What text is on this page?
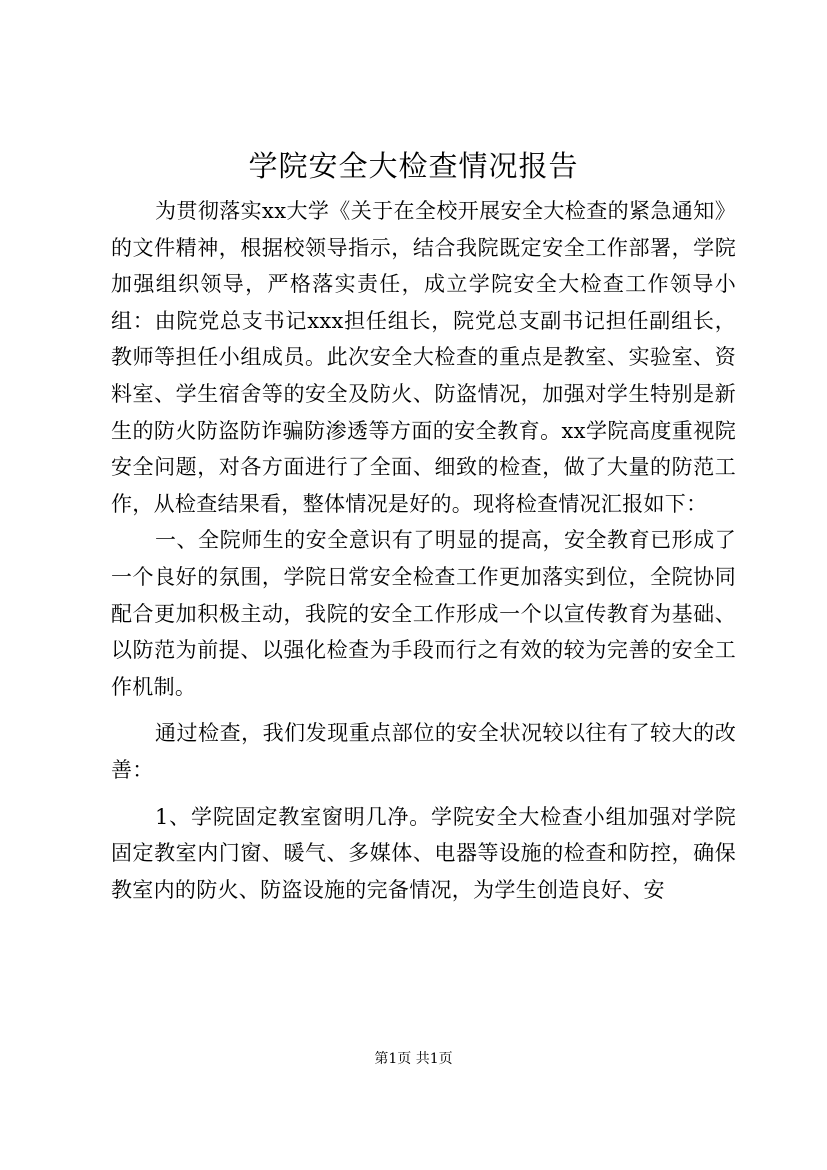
学院安全大检查情况报告

为贯彻落实xx大学《关于在全校开展安全大检查的紧急通知》的文件精神，根据校领导指示，结合我院既定安全工作部署，学院加强组织领导，严格落实责任，成立学院安全大检查工作领导小组：由院党总支书记xxx担任组长，院党总支副书记担任副组长，教师等担任小组成员。此次安全大检查的重点是教室、实验室、资料室、学生宿舍等的安全及防火、防盗情况，加强对学生特别是新生的防火防盗防诈骗防渗透等方面的安全教育。xx学院高度重视院安全问题，对各方面进行了全面、细致的检查，做了大量的防范工作，从检查结果看，整体情况是好的。现将检查情况汇报如下：

一、全院师生的安全意识有了明显的提高，安全教育已形成了一个良好的氛围，学院日常安全检查工作更加落实到位，全院协同配合更加积极主动，我院的安全工作形成一个以宣传教育为基础、以防范为前提、以强化检查为手段而行之有效的较为完善的安全工作机制。

通过检查，我们发现重点部位的安全状况较以往有了较大的改善：

1、学院固定教室窗明几净。学院安全大检查小组加强对学院固定教室内门窗、暖气、多媒体、电器等设施的检查和防控，确保教室内的防火、防盗设施的完备情况，为学生创造良好、安

第1页 共1页
